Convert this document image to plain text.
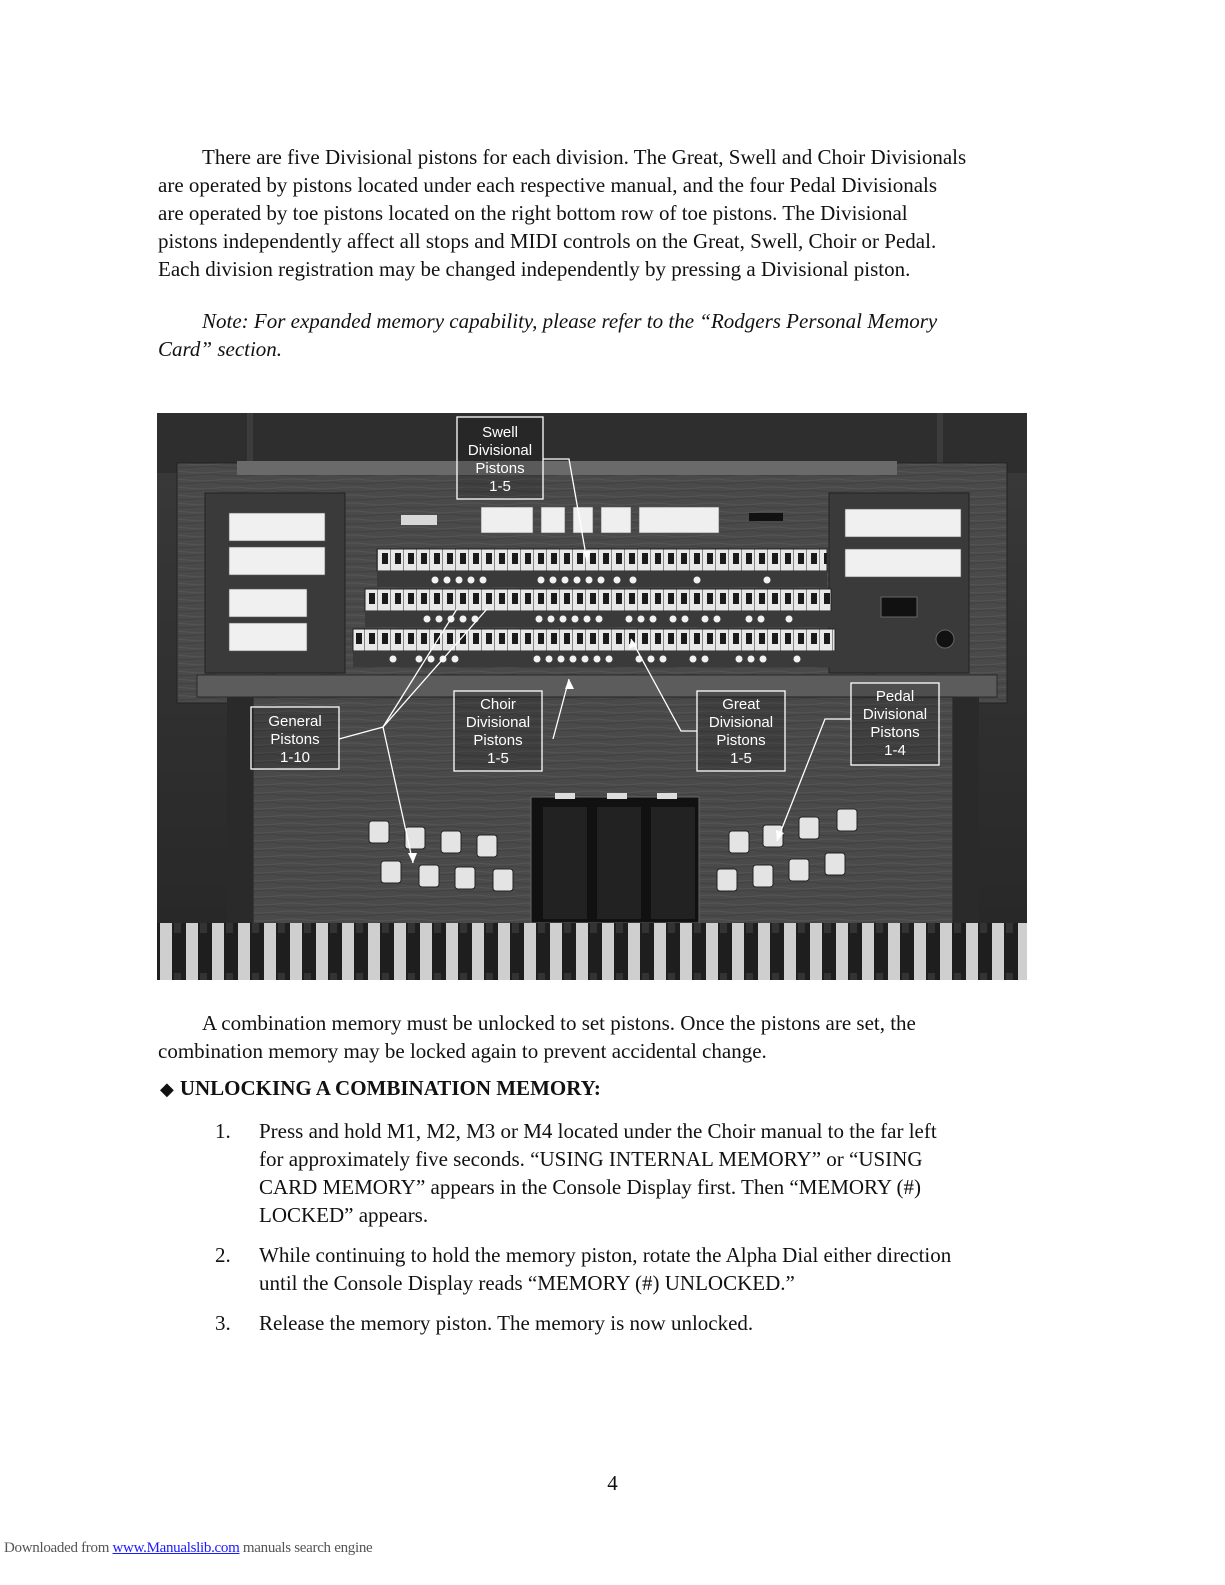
There are five Divisional pistons for each division. The Great, Swell and Choir Divisionals
are operated by pistons located under each respective manual, and the four Pedal Divisionals
are operated by toe pistons located on the right bottom row of toe pistons. The Divisional
pistons independently affect all stops and MIDI controls on the Great, Swell, Choir or Pedal.
Each division registration may be changed independently by pressing a Divisional piston.

Note: For expanded memory capability, please refer to the “Rodgers Personal Memory
Card” section.

Swell
Divisional
Pistons
1-5
General
Pistons
1-10
Choir
Divisional
Pistons
1-5
Great
Divisional
Pistons
1-5
Pedal
Divisional
Pistons
1-4

A combination memory must be unlocked to set pistons. Once the pistons are set, the
combination memory may be locked again to prevent accidental change.

◆ UNLOCKING A COMBINATION MEMORY:
1. Press and hold M1, M2, M3 or M4 located under the Choir manual to the far left
for approximately five seconds. “USING INTERNAL MEMORY” or “USING
CARD MEMORY” appears in the Console Display first. Then “MEMORY (#)
LOCKED” appears.
2. While continuing to hold the memory piston, rotate the Alpha Dial either direction
until the Console Display reads “MEMORY (#) UNLOCKED.”
3. Release the memory piston. The memory is now unlocked.
4
Downloaded from www.Manualslib.com manuals search engine
